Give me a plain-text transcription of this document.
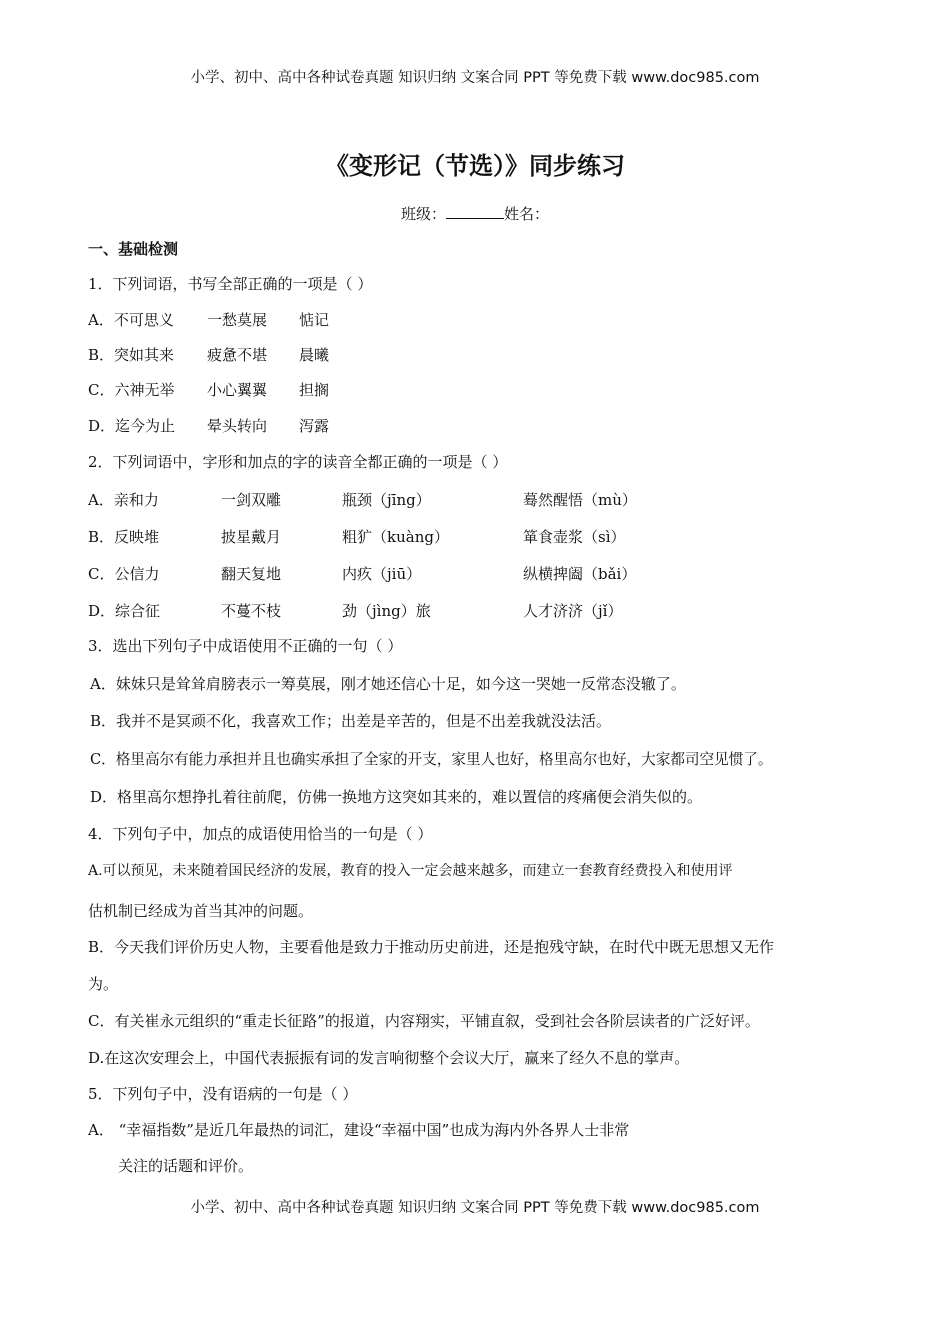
小学、初中、高中各种试卷真题 知识归纳 文案合同 PPT 等免费下载 www.doc985.com
《变形记（节选）》同步练习
班级：	姓名：
一、基础检测
1．下列词语，书写全部正确的一项是（ ）
A．不可思义 一愁莫展 惦记
B．突如其来 疲惫不堪 晨曦
C．六神无举 小心翼翼 担搁
D．迄今为止 晕头转向 泻露
2．下列词语中，字形和加点的字的读音全都正确的一项是（ ）
A．亲和力	一剑双雕	瓶颈（jīng）	蓦然醒悟（mù）
B．反映堆	披星戴月	粗犷（kuàng）	箪食壶浆（sì）
C．公信力	翻天复地	内疚（jiū）	纵横捭阖（bǎi）
D．综合征	不蔓不枝	劲（jìng）旅	人才济济（jǐ）
3．选出下列句子中成语使用不正确的一句（ ）
A．妹妹只是耸耸肩膀表示一筹莫展，刚才她还信心十足，如今这一哭她一反常态没辙了。
B．我并不是冥顽不化，我喜欢工作；出差是辛苦的，但是不出差我就没法活。
C．格里高尔有能力承担并且也确实承担了全家的开支，家里人也好，格里高尔也好，大家都司空见惯了。
D．格里高尔想挣扎着往前爬，仿佛一换地方这突如其来的，难以置信的疼痛便会消失似的。
4．下列句子中，加点的成语使用恰当的一句是（ ）
A.可以预见，未来随着国民经济的发展，教育的投入一定会越来越多，而建立一套教育经费投入和使用评
估机制已经成为首当其冲的问题。
B．今天我们评价历史人物，主要看他是致力于推动历史前进，还是抱残守缺，在时代中既无思想又无作
为。
C．有关崔永元组织的“重走长征路”的报道，内容翔实，平铺直叙，受到社会各阶层读者的广泛好评。
D.在这次安理会上，中国代表振振有词的发言响彻整个会议大厅，赢来了经久不息的掌声。
5．下列句子中，没有语病的一句是（ ）
A． “幸福指数”是近几年最热的词汇，建设“幸福中国”也成为海内外各界人士非常
关注的话题和评价。
小学、初中、高中各种试卷真题 知识归纳 文案合同 PPT 等免费下载 www.doc985.com
